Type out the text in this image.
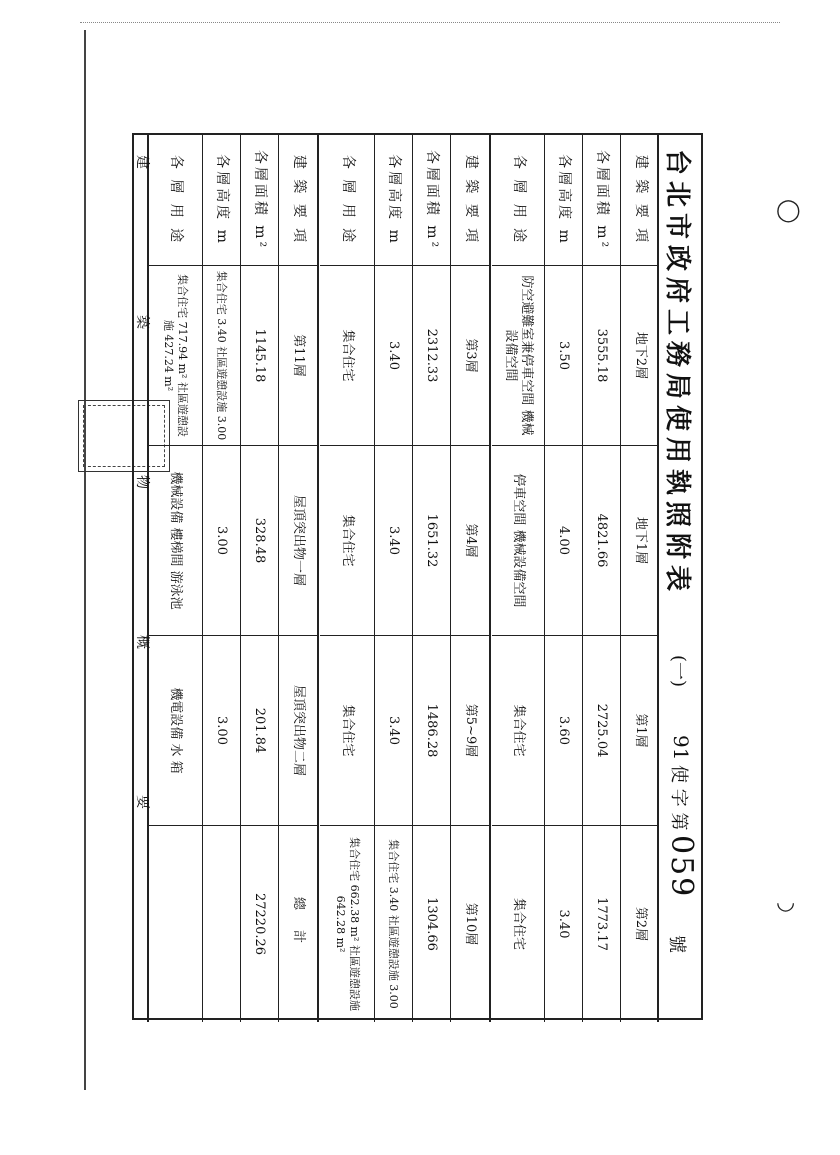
◯
◡
台北市政府工務局使用執照附表
(一)
91
使 字 第
059
號
建 築 要 項
地下2層
地下1層
第1層
第2層
各層面積 m²
3555.18
4821.66
2725.04
1773.17
各層高度 m
3.50
4.00
3.60
3.40
各 層 用 途
防空避難室兼停車空間 機械設備空間
停車空間 機械設備空間
集合住宅
集合住宅
建 築 要 項
第3層
第4層
第5~9層
第10層
各層面積 m²
2312.33
1651.32
1486.28
1304.66
各層高度 m
3.40
3.40
3.40
集合住宅 3.40 社區遊憩設施 3.00
各 層 用 途
集合住宅
集合住宅
集合住宅
集合住宅 662.38 m² 社區遊憩設施 642.28 m²
建 築 要 項
第11層
屋頂突出物一層
屋頂突出物二層
總 計
各層面積 m²
1145.18
328.48
201.84
27220.26
各層高度 m
集合住宅 3.40 社區遊憩設施 3.00
3.00
3.00
各 層 用 途
集合住宅 717.94 m² 社區遊憩設施 427.24 m²
機械設備 樓梯間 游泳池
機電設備 水 箱
建
築
物
概
要
